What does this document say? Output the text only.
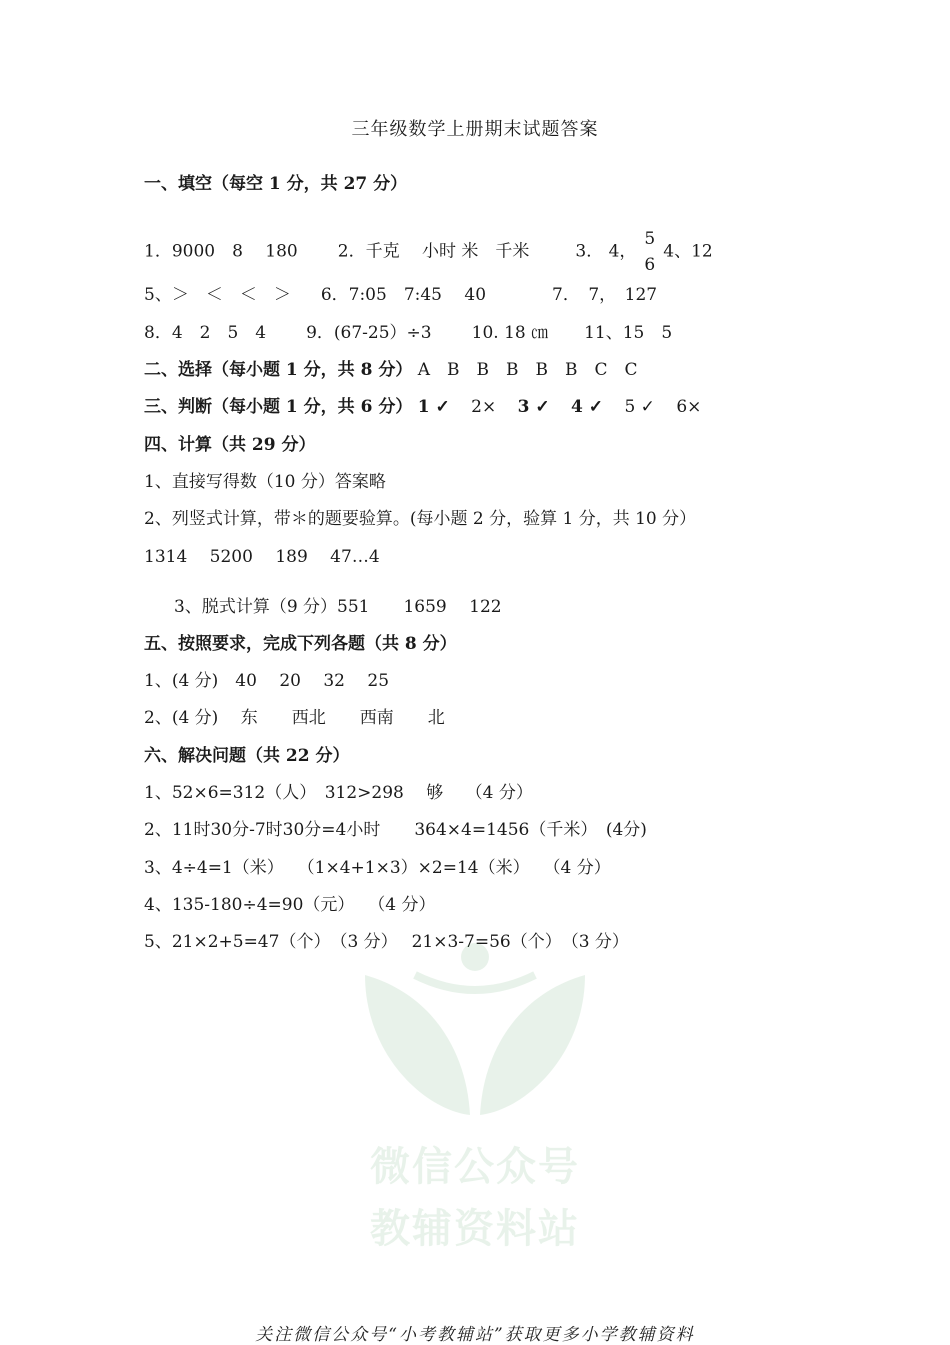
三年级数学上册期末试题答案
一、填空（每空 1 分，共 27 分）
1．9000　8　 180 2．千克　 小时 米　千米	3． 4，
5
6
4、12
5、＞　＜　＜　＞ 6．7:05　7:45　 40	7．　7，　127
8．4　2　5　4 9．(67-25）÷3 10. 18 ㎝ 11、15　5
二、选择（每小题 1 分，共 8 分） A　B　B　B　B　B　C　C
三、判断（每小题 1 分，共 6 分） 1 ✓ 2× 3 ✓ 4 ✓ 5 ✓ 6×
四、计算（共 29 分）
1、直接写得数（10 分）答案略
2、列竖式计算，带＊的题要验算。(每小题 2 分，验算 1 分，共 10 分）
1314　 5200　 189　 47…4
3、脱式计算（9 分）551　　1659　 122
五、按照要求，完成下列各题（共 8 分）
1、(4 分)　40　 20　 32　 25
2、(4 分)　 东　　西北　　西南　　北
六、解决问题（共 22 分）
1、52×6=312（人）　312>298　 够　 （4 分）
2、11时30分-7时30分=4小时　　364×4=1456（千米）　(4分)
3、4÷4=1（米）　 （1×4+1×3）×2=14（米）　 （4 分）
4、135-180÷4=90（元）　 （4 分）
5、21×2+5=47（个）　（3 分）　 21×3-7=56（个）　（3 分）
微信公众号
教辅资料站
关注微信公众号“小考教辅站”获取更多小学教辅资料
